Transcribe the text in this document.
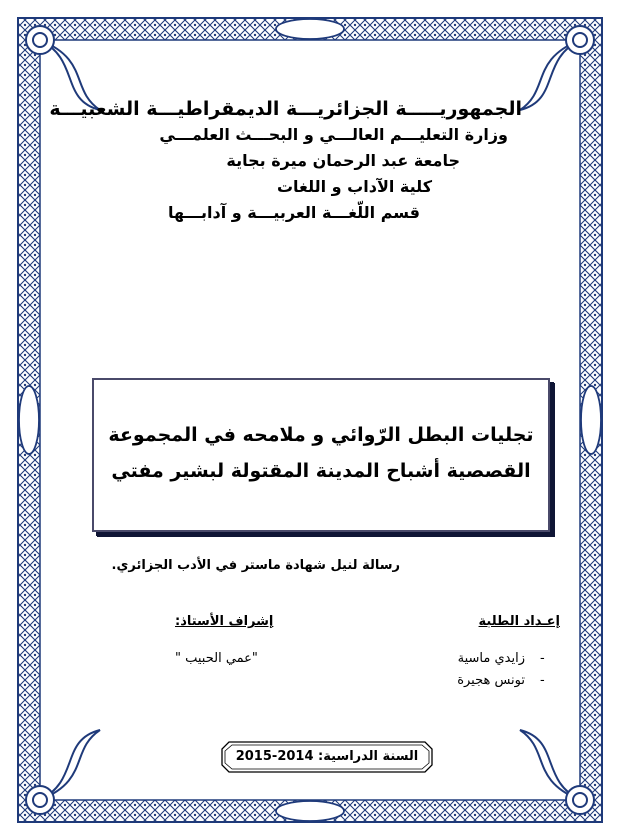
الجمهوريـــــة الجزائريـــة الديمقراطيـــة الشعبيـــة
وزارة التعليـــم العالـــي و البحـــث العلمـــي
جامعة عبد الرحمان ميرة بجاية
كلية الآداب و اللغات
قسم اللّغـــة العربيـــة و آدابـــها
تجليات البطل الرّوائي و ملامحه في المجموعة
القصصية أشباح المدينة المقتولة لبشير مفتي
رسالة لنيل شهادة ماستر في الأدب الجزائري.
إعـداد الطلبة
-
زايدي ماسية
-
تونس هجيرة
إشراف الأستاذ:
"عمي الحبيب "
السنة الدراسية: 2014-2015
